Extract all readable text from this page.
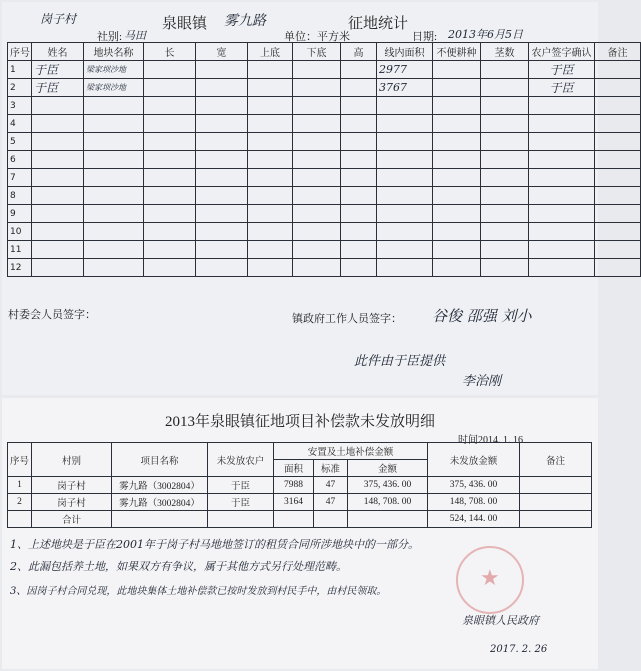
岗子村	泉眼镇 雾九路	征地统计
社别: 马田	单位：平方米	日期: 2013年6月5日
序号	姓名	地块名称	长	宽	上底	下底	高	线内面积	不便耕种	茎数	农户签字确认	备注
1	于臣	梁家坝沙地						2977			于臣	
2	于臣	梁家坝沙地						3767			于臣	
3												
4												
5												
6												
7												
8												
9												
10												
11												
12												
村委会人员签字：	镇政府工作人员签字： 谷俊 邵强 刘小
此件由于臣提供
李治刚
2013年泉眼镇征地项目补偿款未发放明细
时间2014. 1. 16
序号	村别	项目名称	未发放农户	安置及土地补偿金额			未发放金额	备注
				面积	标准	金额		
1	岗子村	雾九路（3002804）	于臣	7988	47	375, 436. 00	375, 436. 00	
2	岗子村	雾九路（3002804）	于臣	3164	47	148, 708. 00	148, 708. 00	
	合计						524, 144. 00	
1、上述地块是于臣在2001年于岗子村马地地签订的租赁合同所涉地块中的一部分。
2、此漏包括养土地，如果双方有争议，属于其他方式另行处理范畴。
3、因岗子村合同兑现，此地块集体土地补偿款已按时发放到村民手中，由村民领取。
★
泉眼镇人民政府
2017. 2. 26
